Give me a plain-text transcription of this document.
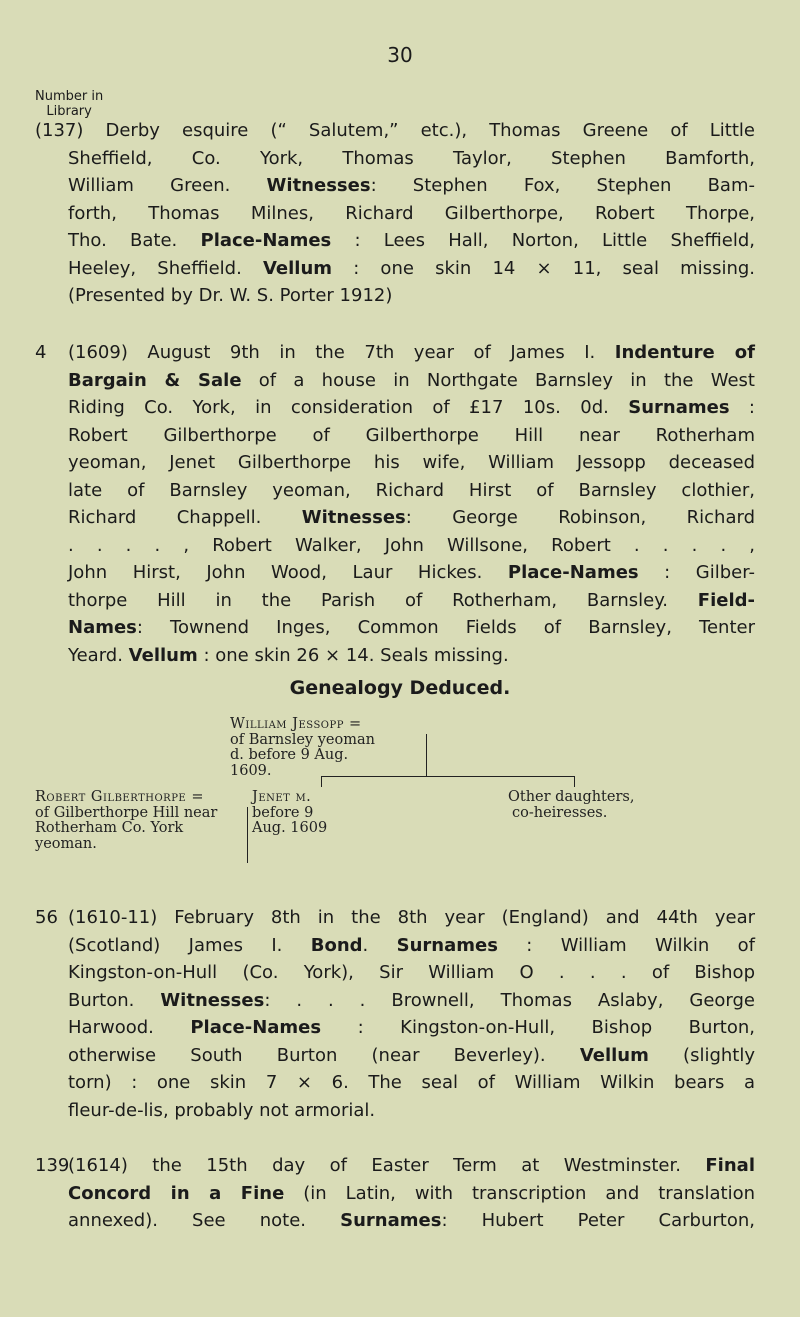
30
Number in
Library
(137) Derby esquire (“ Salutem,” etc.), Thomas Greene of Little
Sheffield, Co. York, Thomas Taylor, Stephen Bamforth,
William Green. Witnesses: Stephen Fox, Stephen Bam-
forth, Thomas Milnes, Richard Gilberthorpe, Robert Thorpe,
Tho. Bate. Place-Names : Lees Hall, Norton, Little Sheffield,
Heeley, Sheffield. Vellum : one skin 14 × 11, seal missing.
(Presented by Dr. W. S. Porter 1912)
4	(1609) August 9th in the 7th year of James I. Indenture of
Bargain & Sale of a house in Northgate Barnsley in the West
Riding Co. York, in consideration of £17 10s. 0d. Surnames :
Robert Gilberthorpe of Gilberthorpe Hill near Rotherham
yeoman, Jenet Gilberthorpe his wife, William Jessopp deceased
late of Barnsley yeoman, Richard Hirst of Barnsley clothier,
Richard Chappell. Witnesses: George Robinson, Richard
. . . . , Robert Walker, John Willsone, Robert . . . . ,
John Hirst, John Wood, Laur Hickes. Place-Names : Gilber-
thorpe Hill in the Parish of Rotherham, Barnsley. Field-
Names: Townend Inges, Common Fields of Barnsley, Tenter
Yeard. Vellum : one skin 26 × 14. Seals missing.
Genealogy Deduced.
William Jessopp =
of Barnsley yeoman
d. before 9 Aug.
1609.
Robert Gilberthorpe =
of Gilberthorpe Hill near
Rotherham Co. York
yeoman.
Jenet m.
before 9
Aug. 1609
Other daughters,
co-heiresses.
56 (1610-11) February 8th in the 8th year (England) and 44th year
(Scotland) James I. Bond. Surnames : William Wilkin of
Kingston-on-Hull (Co. York), Sir William O . . . of Bishop
Burton. Witnesses: . . . Brownell, Thomas Aslaby, George
Harwood. Place-Names : Kingston-on-Hull, Bishop Burton,
otherwise South Burton (near Beverley). Vellum (slightly
torn) : one skin 7 × 6. The seal of William Wilkin bears a
fleur-de-lis, probably not armorial.
139
(1614) the 15th day of Easter Term at Westminster. Final
Concord in a Fine (in Latin, with transcription and translation
annexed). See note. Surnames: Hubert Peter Carburton,
